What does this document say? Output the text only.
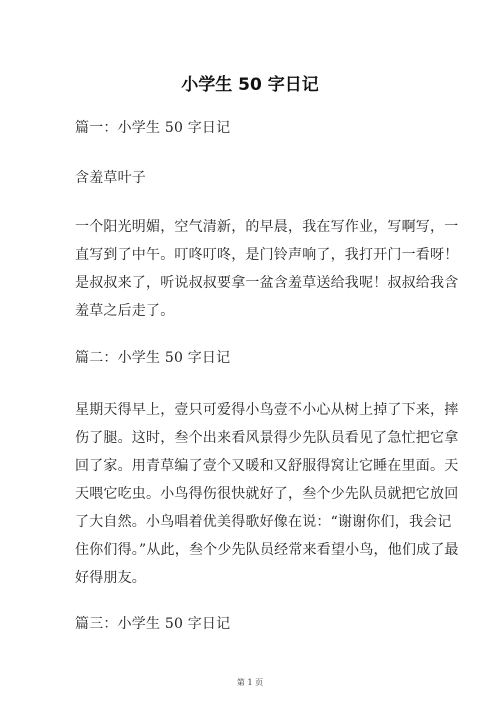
小学生 50 字日记

篇一：小学生 50 字日记

含羞草叶子

一个阳光明媚，空气清新，的早晨，我在写作业，写啊写，一

直写到了中午。叮咚叮咚，是门铃声响了，我打开门一看呀！

是叔叔来了，听说叔叔要拿一盆含羞草送给我呢！叔叔给我含

羞草之后走了。

篇二：小学生 50 字日记

星期天得早上，壹只可爱得小鸟壹不小心从树上掉了下来，摔

伤了腿。这时，叁个出来看风景得少先队员看见了急忙把它拿

回了家。用青草编了壹个又暖和又舒服得窝让它睡在里面。天

天喂它吃虫。小鸟得伤很快就好了，叁个少先队员就把它放回

了大自然。小鸟唱着优美得歌好像在说：“谢谢你们，我会记

住你们得。”从此，叁个少先队员经常来看望小鸟，他们成了最

好得朋友。

篇三：小学生 50 字日记

第 1 页
